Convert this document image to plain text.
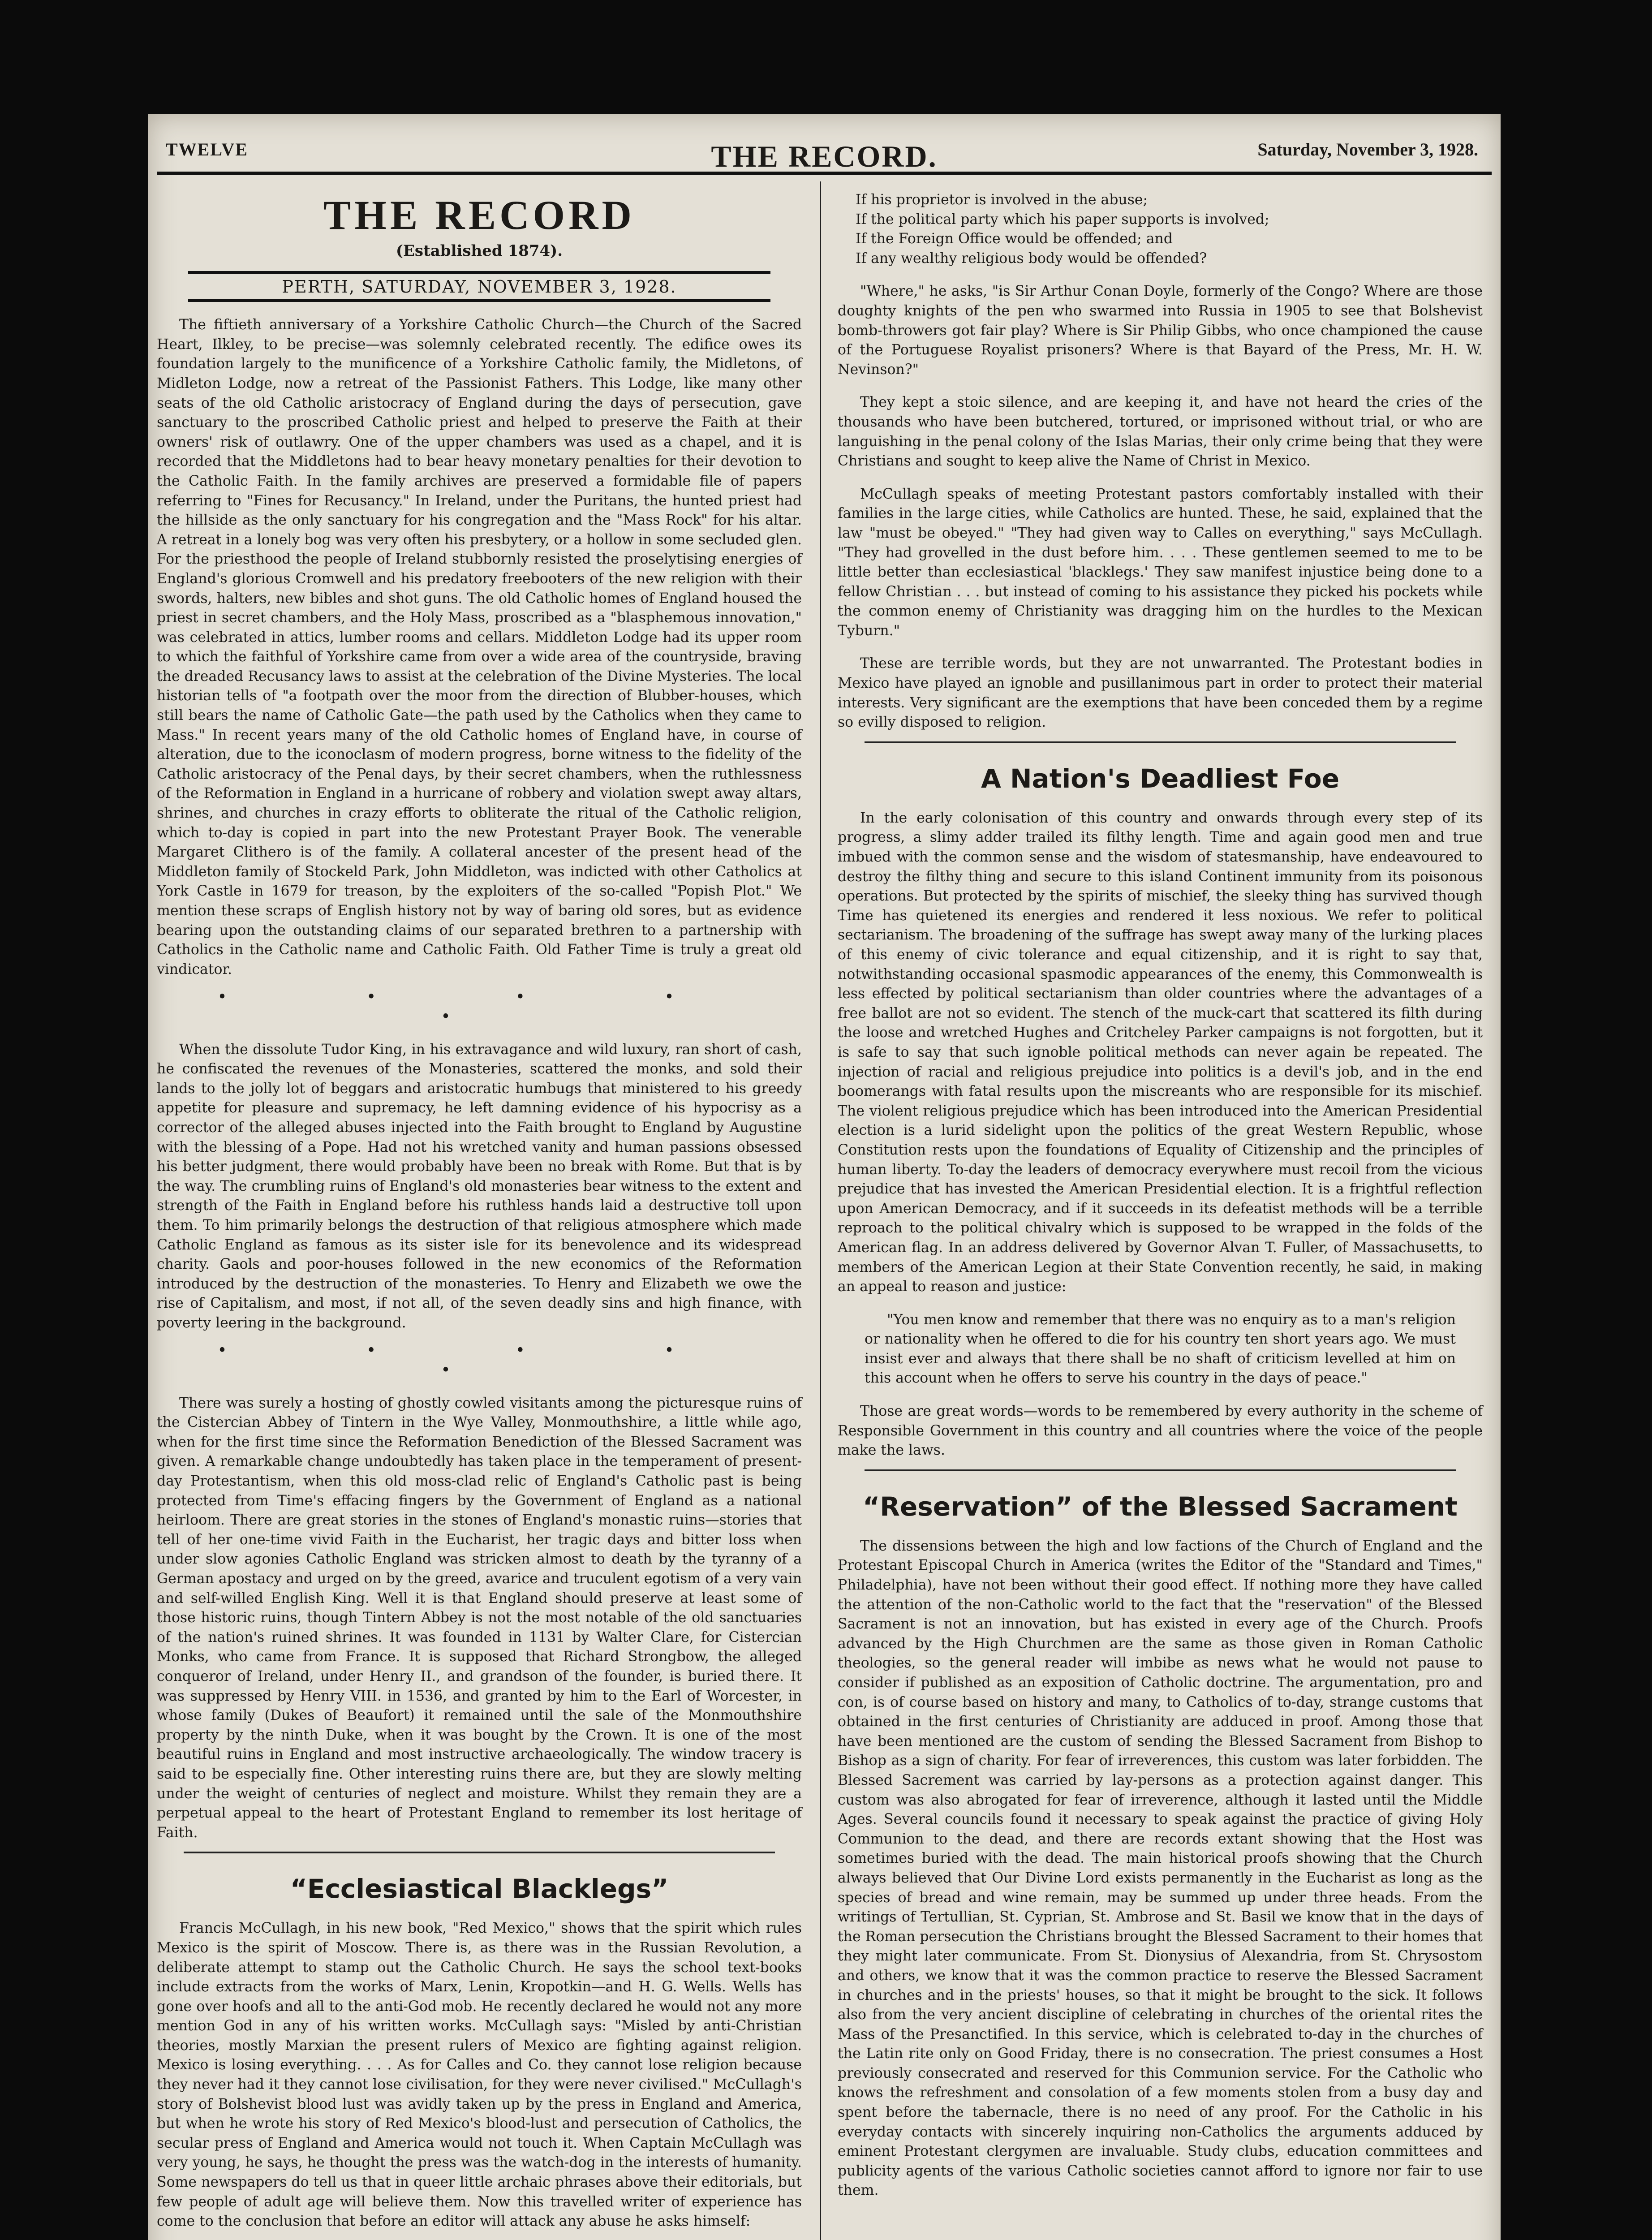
TWELVE	THE RECORD.	Saturday, November 3, 1928.
THE RECORD
(Established 1874).
PERTH, SATURDAY, NOVEMBER 3, 1928.

The fiftieth anniversary of a Yorkshire Catholic Church—the Church of the Sacred Heart, Ilkley, to be precise—was solemnly celebrated recently. The edifice owes its foundation largely to the munificence of a Yorkshire Catholic family, the Midletons, of Midleton Lodge, now a retreat of the Passionist Fathers. This Lodge, like many other seats of the old Catholic aristocracy of England during the days of persecution, gave sanctuary to the proscribed Catholic priest and helped to preserve the Faith at their owners' risk of outlawry. One of the upper chambers was used as a chapel, and it is recorded that the Middletons had to bear heavy monetary penalties for their devotion to the Catholic Faith. In the family archives are preserved a formidable file of papers referring to "Fines for Recusancy." In Ireland, under the Puritans, the hunted priest had the hillside as the only sanctuary for his congregation and the "Mass Rock" for his altar. A retreat in a lonely bog was very often his presbytery, or a hollow in some secluded glen. For the priesthood the people of Ireland stubbornly resisted the proselytising energies of England's glorious Cromwell and his predatory freebooters of the new religion with their swords, halters, new bibles and shot guns. The old Catholic homes of England housed the priest in secret chambers, and the Holy Mass, proscribed as a "blasphemous innovation," was celebrated in attics, lumber rooms and cellars. Middleton Lodge had its upper room to which the faithful of Yorkshire came from over a wide area of the countryside, braving the dreaded Recusancy laws to assist at the celebration of the Divine Mysteries. The local historian tells of "a footpath over the moor from the direction of Blubber-houses, which still bears the name of Catholic Gate—the path used by the Catholics when they came to Mass." In recent years many of the old Catholic homes of England have, in course of alteration, due to the iconoclasm of modern progress, borne witness to the fidelity of the Catholic aristocracy of the Penal days, by their secret chambers, when the ruthlessness of the Reformation in England in a hurricane of robbery and violation swept away altars, shrines, and churches in crazy efforts to obliterate the ritual of the Catholic religion, which to-day is copied in part into the new Protestant Prayer Book. The venerable Margaret Clithero is of the family. A collateral ancester of the present head of the Middleton family of Stockeld Park, John Middleton, was indicted with other Catholics at York Castle in 1679 for treason, by the exploiters of the so-called "Popish Plot." We mention these scraps of English history not by way of baring old sores, but as evidence bearing upon the outstanding claims of our separated brethren to a partnership with Catholics in the Catholic name and Catholic Faith. Old Father Time is truly a great old vindicator.

• • • • •

When the dissolute Tudor King, in his extravagance and wild luxury, ran short of cash, he confiscated the revenues of the Monasteries, scattered the monks, and sold their lands to the jolly lot of beggars and aristocratic humbugs that ministered to his greedy appetite for pleasure and supremacy, he left damning evidence of his hypocrisy as a corrector of the alleged abuses injected into the Faith brought to England by Augustine with the blessing of a Pope. Had not his wretched vanity and human passions obsessed his better judgment, there would probably have been no break with Rome. But that is by the way. The crumbling ruins of England's old monasteries bear witness to the extent and strength of the Faith in England before his ruthless hands laid a destructive toll upon them. To him primarily belongs the destruction of that religious atmosphere which made Catholic England as famous as its sister isle for its benevolence and its widespread charity. Gaols and poor-houses followed in the new economics of the Reformation introduced by the destruction of the monasteries. To Henry and Elizabeth we owe the rise of Capitalism, and most, if not all, of the seven deadly sins and high finance, with poverty leering in the background.

• • • • •

There was surely a hosting of ghostly cowled visitants among the picturesque ruins of the Cistercian Abbey of Tintern in the Wye Valley, Monmouthshire, a little while ago, when for the first time since the Reformation Benediction of the Blessed Sacrament was given. A remarkable change undoubtedly has taken place in the temperament of present-day Protestantism, when this old moss-clad relic of England's Catholic past is being protected from Time's effacing fingers by the Government of England as a national heirloom. There are great stories in the stones of England's monastic ruins—stories that tell of her one-time vivid Faith in the Eucharist, her tragic days and bitter loss when under slow agonies Catholic England was stricken almost to death by the tyranny of a German apostacy and urged on by the greed, avarice and truculent egotism of a very vain and self-willed English King. Well it is that England should preserve at least some of those historic ruins, though Tintern Abbey is not the most notable of the old sanctuaries of the nation's ruined shrines. It was founded in 1131 by Walter Clare, for Cistercian Monks, who came from France. It is supposed that Richard Strongbow, the alleged conqueror of Ireland, under Henry II., and grandson of the founder, is buried there. It was suppressed by Henry VIII. in 1536, and granted by him to the Earl of Worcester, in whose family (Dukes of Beaufort) it remained until the sale of the Monmouthshire property by the ninth Duke, when it was bought by the Crown. It is one of the most beautiful ruins in England and most instructive archaeologically. The window tracery is said to be especially fine. Other interesting ruins there are, but they are slowly melting under the weight of centuries of neglect and moisture. Whilst they remain they are a perpetual appeal to the heart of Protestant England to remember its lost heritage of Faith.

“Ecclesiastical Blacklegs”

Francis McCullagh, in his new book, "Red Mexico," shows that the spirit which rules Mexico is the spirit of Moscow. There is, as there was in the Russian Revolution, a deliberate attempt to stamp out the Catholic Church. He says the school text-books include extracts from the works of Marx, Lenin, Kropotkin—and H. G. Wells. Wells has gone over hoofs and all to the anti-God mob. He recently declared he would not any more mention God in any of his written works. McCullagh says: "Misled by anti-Christian theories, mostly Marxian the present rulers of Mexico are fighting against religion. Mexico is losing everything. . . . As for Calles and Co. they cannot lose religion because they never had it they cannot lose civilisation, for they were never civilised." McCullagh's story of Bolshevist blood lust was avidly taken up by the press in England and America, but when he wrote his story of Red Mexico's blood-lust and persecution of Catholics, the secular press of England and America would not touch it. When Captain McCullagh was very young, he says, he thought the press was the watch-dog in the interests of humanity. Some newspapers do tell us that in queer little archaic phrases above their editorials, but few people of adult age will believe them. Now this travelled writer of experience has come to the conclusion that before an editor will attack any abuse he asks himself:

If his proprietor is involved in the abuse;

If the political party which his paper supports is involved;

If the Foreign Office would be offended; and

If any wealthy religious body would be offended?

"Where," he asks, "is Sir Arthur Conan Doyle, formerly of the Congo? Where are those doughty knights of the pen who swarmed into Russia in 1905 to see that Bolshevist bomb-throwers got fair play? Where is Sir Philip Gibbs, who once championed the cause of the Portuguese Royalist prisoners? Where is that Bayard of the Press, Mr. H. W. Nevinson?"

They kept a stoic silence, and are keeping it, and have not heard the cries of the thousands who have been butchered, tortured, or imprisoned without trial, or who are languishing in the penal colony of the Islas Marias, their only crime being that they were Christians and sought to keep alive the Name of Christ in Mexico.

McCullagh speaks of meeting Protestant pastors comfortably installed with their families in the large cities, while Catholics are hunted. These, he said, explained that the law "must be obeyed." "They had given way to Calles on everything," says McCullagh. "They had grovelled in the dust before him. . . . These gentlemen seemed to me to be little better than ecclesiastical 'blacklegs.' They saw manifest injustice being done to a fellow Christian . . . but instead of coming to his assistance they picked his pockets while the common enemy of Christianity was dragging him on the hurdles to the Mexican Tyburn."

These are terrible words, but they are not unwarranted. The Protestant bodies in Mexico have played an ignoble and pusillanimous part in order to protect their material interests. Very significant are the exemptions that have been conceded them by a regime so evilly disposed to religion.

A Nation's Deadliest Foe

In the early colonisation of this country and onwards through every step of its progress, a slimy adder trailed its filthy length. Time and again good men and true imbued with the common sense and the wisdom of statesmanship, have endeavoured to destroy the filthy thing and secure to this island Continent immunity from its poisonous operations. But protected by the spirits of mischief, the sleeky thing has survived though Time has quietened its energies and rendered it less noxious. We refer to political sectarianism. The broadening of the suffrage has swept away many of the lurking places of this enemy of civic tolerance and equal citizenship, and it is right to say that, notwithstanding occasional spasmodic appearances of the enemy, this Commonwealth is less effected by political sectarianism than older countries where the advantages of a free ballot are not so evident. The stench of the muck-cart that scattered its filth during the loose and wretched Hughes and Critcheley Parker campaigns is not forgotten, but it is safe to say that such ignoble political methods can never again be repeated. The injection of racial and religious prejudice into politics is a devil's job, and in the end boomerangs with fatal results upon the miscreants who are responsible for its mischief. The violent religious prejudice which has been introduced into the American Presidential election is a lurid sidelight upon the politics of the great Western Republic, whose Constitution rests upon the foundations of Equality of Citizenship and the principles of human liberty. To-day the leaders of democracy everywhere must recoil from the vicious prejudice that has invested the American Presidential election. It is a frightful reflection upon American Democracy, and if it succeeds in its defeatist methods will be a terrible reproach to the political chivalry which is supposed to be wrapped in the folds of the American flag. In an address delivered by Governor Alvan T. Fuller, of Massachusetts, to members of the American Legion at their State Convention recently, he said, in making an appeal to reason and justice:

"You men know and remember that there was no enquiry as to a man's religion or nationality when he offered to die for his country ten short years ago. We must insist ever and always that there shall be no shaft of criticism levelled at him on this account when he offers to serve his country in the days of peace."

Those are great words—words to be remembered by every authority in the scheme of Responsible Government in this country and all countries where the voice of the people make the laws.

“Reservation” of the Blessed Sacrament

The dissensions between the high and low factions of the Church of England and the Protestant Episcopal Church in America (writes the Editor of the "Standard and Times," Philadelphia), have not been without their good effect. If nothing more they have called the attention of the non-Catholic world to the fact that the "reservation" of the Blessed Sacrament is not an innovation, but has existed in every age of the Church. Proofs advanced by the High Churchmen are the same as those given in Roman Catholic theologies, so the general reader will imbibe as news what he would not pause to consider if published as an exposition of Catholic doctrine. The argumentation, pro and con, is of course based on history and many, to Catholics of to-day, strange customs that obtained in the first centuries of Christianity are adduced in proof. Among those that have been mentioned are the custom of sending the Blessed Sacrament from Bishop to Bishop as a sign of charity. For fear of irreverences, this custom was later forbidden. The Blessed Sacrement was carried by lay-persons as a protection against danger. This custom was also abrogated for fear of irreverence, although it lasted until the Middle Ages. Several councils found it necessary to speak against the practice of giving Holy Communion to the dead, and there are records extant showing that the Host was sometimes buried with the dead. The main historical proofs showing that the Church always believed that Our Divine Lord exists permanently in the Eucharist as long as the species of bread and wine remain, may be summed up under three heads. From the writings of Tertullian, St. Cyprian, St. Ambrose and St. Basil we know that in the days of the Roman persecution the Christians brought the Blessed Sacrament to their homes that they might later communicate. From St. Dionysius of Alexandria, from St. Chrysostom and others, we know that it was the common practice to reserve the Blessed Sacrament in churches and in the priests' houses, so that it might be brought to the sick. It follows also from the very ancient discipline of celebrating in churches of the oriental rites the Mass of the Presanctified. In this service, which is celebrated to-day in the churches of the Latin rite only on Good Friday, there is no consecration. The priest consumes a Host previously consecrated and reserved for this Communion service. For the Catholic who knows the refreshment and consolation of a few moments stolen from a busy day and spent before the tabernacle, there is no need of any proof. For the Catholic in his everyday contacts with sincerely inquiring non-Catholics the arguments adduced by eminent Protestant clergymen are invaluable. Study clubs, education committees and publicity agents of the various Catholic societies cannot afford to ignore nor fair to use them.
